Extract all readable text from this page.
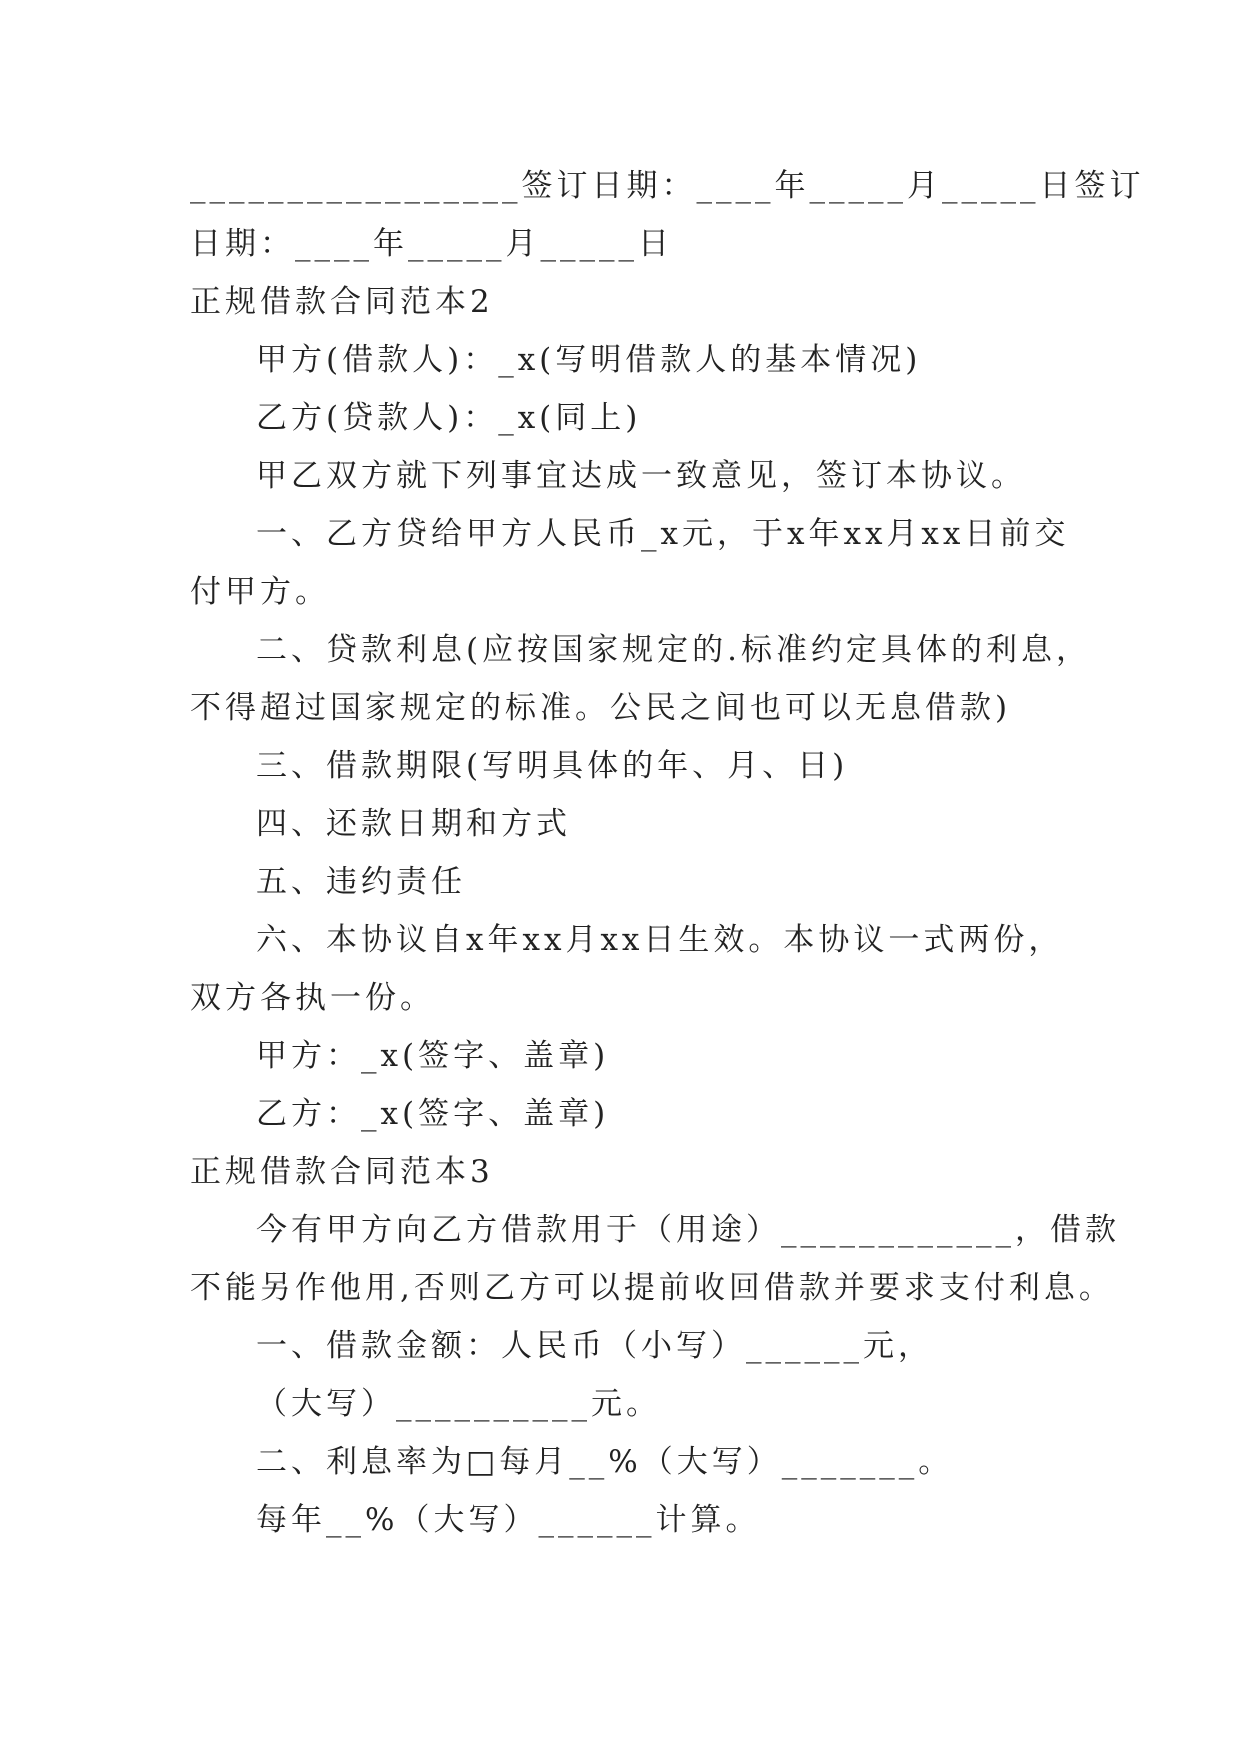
_________________签订日期：____年_____月_____日签订
日期：____年_____月_____日
正规借款合同范本2
甲方(借款人)：_x(写明借款人的基本情况)
乙方(贷款人)：_x(同上)
甲乙双方就下列事宜达成一致意见，签订本协议。
一、乙方贷给甲方人民币_x元，于x年xx月xx日前交
付甲方。
二、贷款利息(应按国家规定的.标准约定具体的利息，
不得超过国家规定的标准。公民之间也可以无息借款)
三、借款期限(写明具体的年、月、日)
四、还款日期和方式
五、违约责任
六、本协议自x年xx月xx日生效。本协议一式两份，
双方各执一份。
甲方：_x(签字、盖章)
乙方：_x(签字、盖章)
正规借款合同范本3
今有甲方向乙方借款用于（用途）____________，借款
不能另作他用,否则乙方可以提前收回借款并要求支付利息。
一、借款金额：人民币（小写）______元，
（大写）__________元。
二、利息率为□每月__%（大写）_______。
每年__%（大写）______计算。
